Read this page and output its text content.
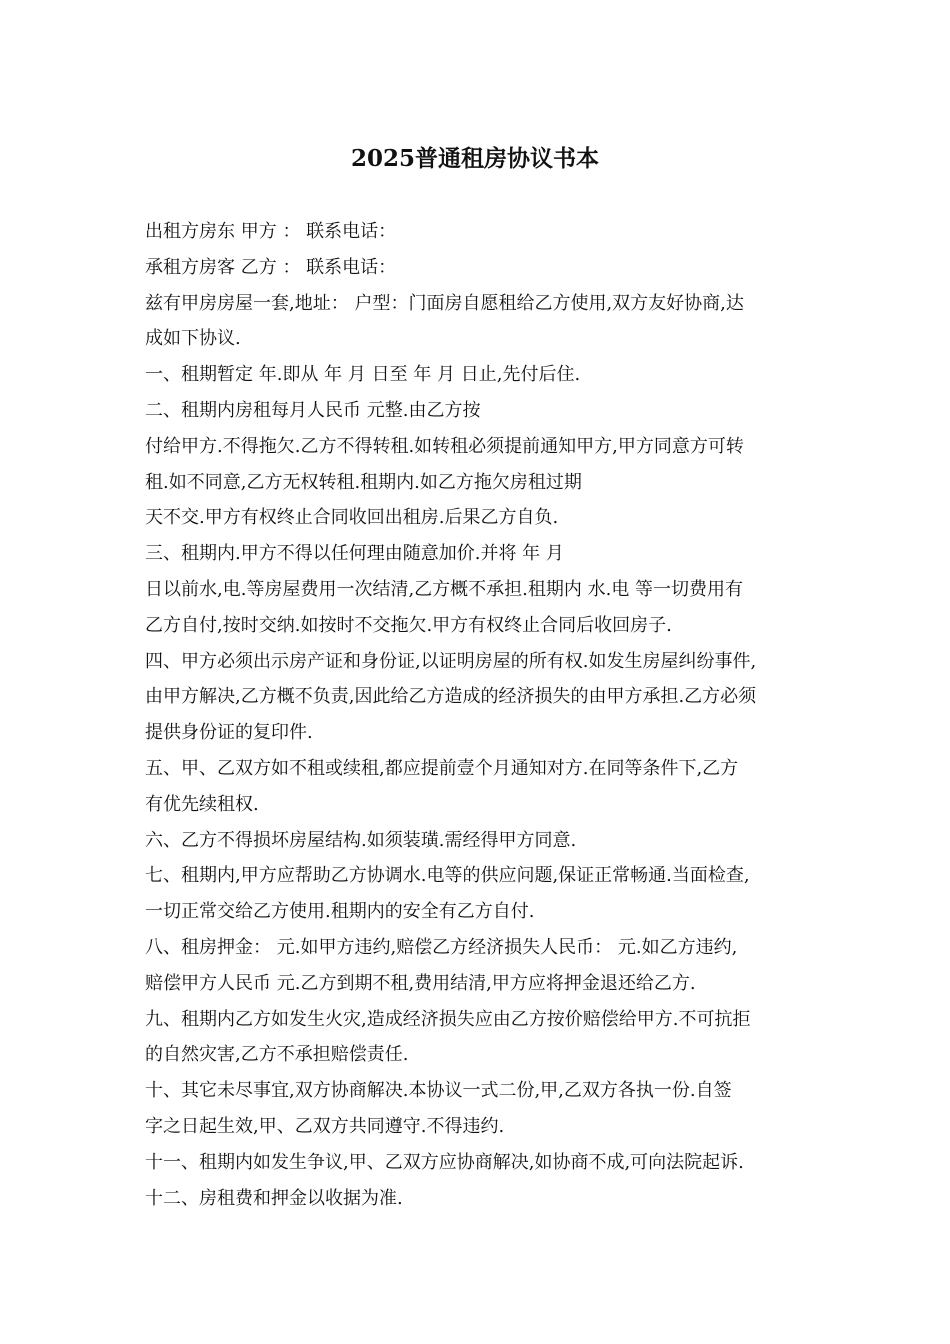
2025普通租房协议书本
出租方房东 甲方 ： 联系电话：
承租方房客 乙方 ： 联系电话：
兹有甲房房屋一套,地址： 户型：门面房自愿租给乙方使用,双方友好协商,达
成如下协议.
一、租期暂定 年.即从 年 月 日至 年 月 日止,先付后住.
二、租期内房租每月人民币 元整.由乙方按
付给甲方.不得拖欠.乙方不得转租.如转租必须提前通知甲方,甲方同意方可转
租.如不同意,乙方无权转租.租期内.如乙方拖欠房租过期
天不交.甲方有权终止合同收回出租房.后果乙方自负.
三、租期内.甲方不得以任何理由随意加价.并将 年 月
日以前水,电.等房屋费用一次结清,乙方概不承担.租期内 水.电 等一切费用有
乙方自付,按时交纳.如按时不交拖欠.甲方有权终止合同后收回房子.
四、甲方必须出示房产证和身份证,以证明房屋的所有权.如发生房屋纠纷事件,
由甲方解决,乙方概不负责,因此给乙方造成的经济损失的由甲方承担.乙方必须
提供身份证的复印件.
五、甲、乙双方如不租或续租,都应提前壹个月通知对方.在同等条件下,乙方
有优先续租权.
六、乙方不得损坏房屋结构.如须装璜.需经得甲方同意.
七、租期内,甲方应帮助乙方协调水.电等的供应问题,保证正常畅通.当面检查,
一切正常交给乙方使用.租期内的安全有乙方自付.
八、租房押金： 元.如甲方违约,赔偿乙方经济损失人民币： 元.如乙方违约,
赔偿甲方人民币 元.乙方到期不租,费用结清,甲方应将押金退还给乙方.
九、租期内乙方如发生火灾,造成经济损失应由乙方按价赔偿给甲方.不可抗拒
的自然灾害,乙方不承担赔偿责任.
十、其它未尽事宜,双方协商解决.本协议一式二份,甲,乙双方各执一份.自签
字之日起生效,甲、乙双方共同遵守.不得违约.
十一、租期内如发生争议,甲、乙双方应协商解决,如协商不成,可向法院起诉.
十二、房租费和押金以收据为准.
